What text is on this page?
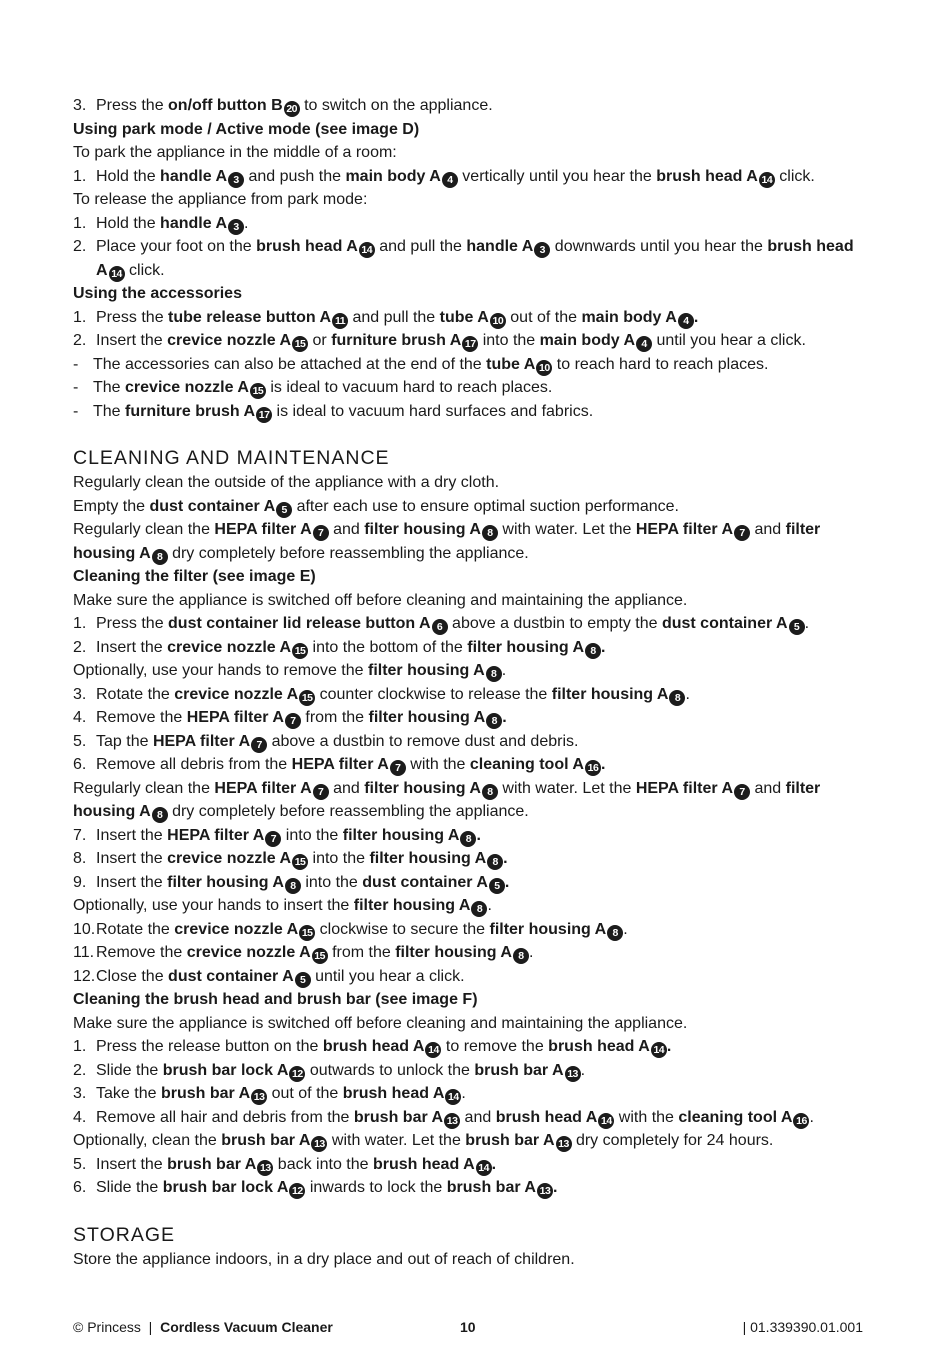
3. Press the on/off button B 20 to switch on the appliance.
Using park mode / Active mode (see image D)
To park the appliance in the middle of a room:
1. Hold the handle A 3 and push the main body A 4 vertically until you hear the brush head A 14 click.
To release the appliance from park mode:
1. Hold the handle A 3 .
2. Place your foot on the brush head A 14 and pull the handle A 3 downwards until you hear the brush head A 14 click.
Using the accessories
1. Press the tube release button A 11 and pull the tube A 10 out of the main body A 4 .
2. Insert the crevice nozzle A 15 or furniture brush A 17 into the main body A 4 until you hear a click.
- The accessories can also be attached at the end of the tube A 10 to reach hard to reach places.
- The crevice nozzle A 15 is ideal to vacuum hard to reach places.
- The furniture brush A 17 is ideal to vacuum hard surfaces and fabrics.
CLEANING AND MAINTENANCE
Regularly clean the outside of the appliance with a dry cloth.
Empty the dust container A 5 after each use to ensure optimal suction performance.
Regularly clean the HEPA filter A 7 and filter housing A 8 with water. Let the HEPA filter A 7 and filter housing A 8 dry completely before reassembling the appliance.
Cleaning the filter (see image E)
Make sure the appliance is switched off before cleaning and maintaining the appliance.
1. Press the dust container lid release button A 6 above a dustbin to empty the dust container A 5 .
2. Insert the crevice nozzle A 15 into the bottom of the filter housing A 8 .
Optionally, use your hands to remove the filter housing A 8 .
3. Rotate the crevice nozzle A 15 counter clockwise to release the filter housing A 8 .
4. Remove the HEPA filter A 7 from the filter housing A 8 .
5. Tap the HEPA filter A 7 above a dustbin to remove dust and debris.
6. Remove all debris from the HEPA filter A 7 with the cleaning tool A 16 .
Regularly clean the HEPA filter A 7 and filter housing A 8 with water. Let the HEPA filter A 7 and filter housing A 8 dry completely before reassembling the appliance.
7. Insert the HEPA filter A 7 into the filter housing A 8 .
8. Insert the crevice nozzle A 15 into the filter housing A 8 .
9. Insert the filter housing A 8 into the dust container A 5 .
Optionally, use your hands to insert the filter housing A 8 .
10.Rotate the crevice nozzle A 15 clockwise to secure the filter housing A 8 .
11. Remove the crevice nozzle A 15 from the filter housing A 8 .
12.Close the dust container A 5 until you hear a click.
Cleaning the brush head and brush bar (see image F)
Make sure the appliance is switched off before cleaning and maintaining the appliance.
1. Press the release button on the brush head A 14 to remove the brush head A 14 .
2. Slide the brush bar lock A 12 outwards to unlock the brush bar A 13 .
3. Take the brush bar A 13 out of the brush head A 14 .
4. Remove all hair and debris from the brush bar A 13 and brush head A 14 with the cleaning tool A 16 .
Optionally, clean the brush bar A 13 with water. Let the brush bar A 13 dry completely for 24 hours.
5. Insert the brush bar A 13 back into the brush head A 14 .
6. Slide the brush bar lock A 12 inwards to lock the brush bar A 13 .
STORAGE
Store the appliance indoors, in a dry place and out of reach of children.
© Princess | Cordless Vacuum Cleaner	10	| 01.339390.01.001
